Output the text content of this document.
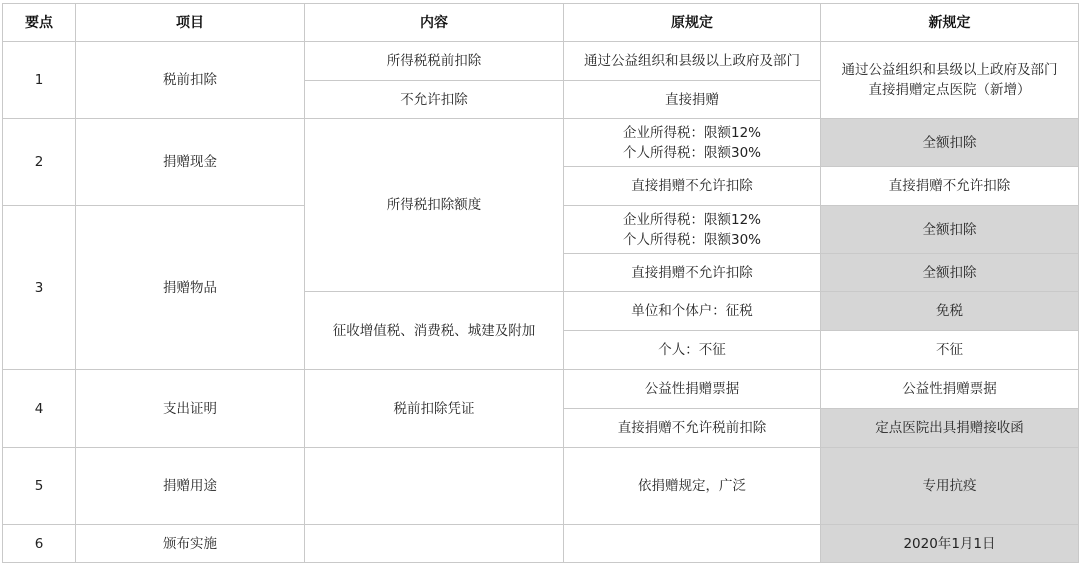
要点	项目	内容	原规定	新规定
1	税前扣除	所得税税前扣除	通过公益组织和县级以上政府及部门	通过公益组织和县级以上政府及部门
直接捐赠定点医院（新增）

		不允许扣除	直接捐赠	
2	捐赠现金	所得税扣除额度	企业所得税：限额12%
个人所得税：限额30%	全额扣除
			直接捐赠不允许扣除	直接捐赠不允许扣除
3	捐赠物品		企业所得税：限额12%
个人所得税：限额30%	全额扣除
			直接捐赠不允许扣除	全额扣除
		征收增值税、消费税、城建及附加	单位和个体户：征税	免税
			个人：不征	不征
4	支出证明	税前扣除凭证	公益性捐赠票据	公益性捐赠票据
			直接捐赠不允许税前扣除	定点医院出具捐赠接收函
5	捐赠用途		依捐赠规定，广泛	专用抗疫
6	颁布实施			2020年1月1日
